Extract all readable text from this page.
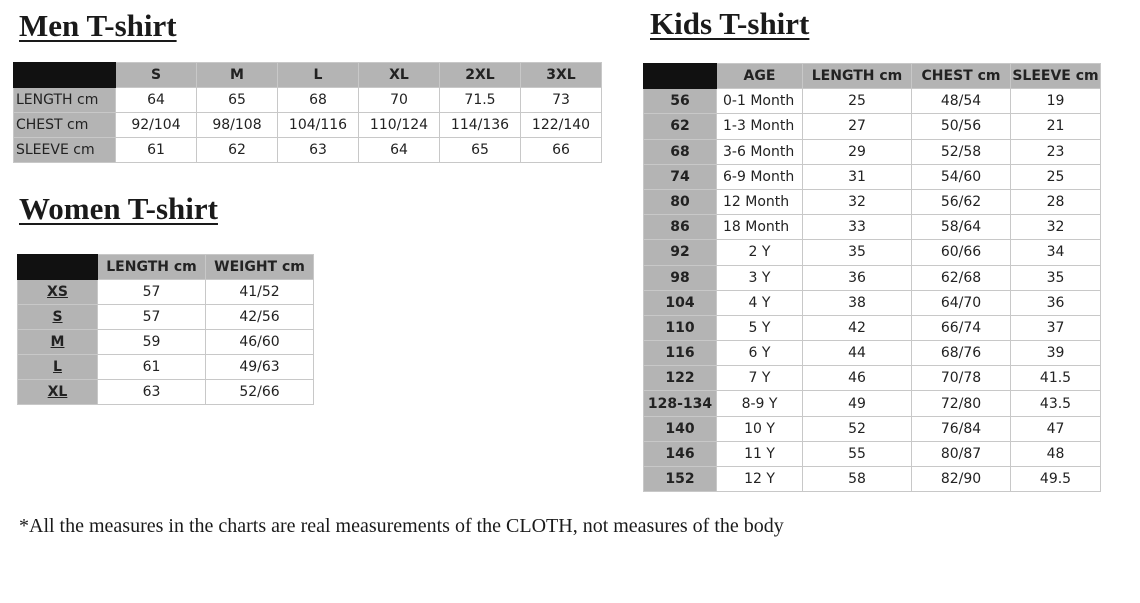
Men T-shirt
	S	M	L	XL	2XL	3XL
LENGTH cm	64	65	68	70	71.5	73
CHEST cm	92/104	98/108	104/116	110/124	114/136	122/140
SLEEVE cm	61	62	63	64	65	66
Women T-shirt
	LENGTH cm	WEIGHT cm
XS	57	41/52
S	57	42/56
M	59	46/60
L	61	49/63
XL	63	52/66
Kids T-shirt
	AGE	LENGTH cm	CHEST cm	SLEEVE cm
56	0-1 Month	25	48/54	19
62	1-3 Month	27	50/56	21
68	3-6 Month	29	52/58	23
74	6-9 Month	31	54/60	25
80	12 Month	32	56/62	28
86	18 Month	33	58/64	32
92	2 Y	35	60/66	34
98	3 Y	36	62/68	35
104	4 Y	38	64/70	36
110	5 Y	42	66/74	37
116	6 Y	44	68/76	39
122	7 Y	46	70/78	41.5
128-134	8-9 Y	49	72/80	43.5
140	10 Y	52	76/84	47
146	11 Y	55	80/87	48
152	12 Y	58	82/90	49.5

*All the measures in the charts are real measurements of the CLOTH, not measures of the body
